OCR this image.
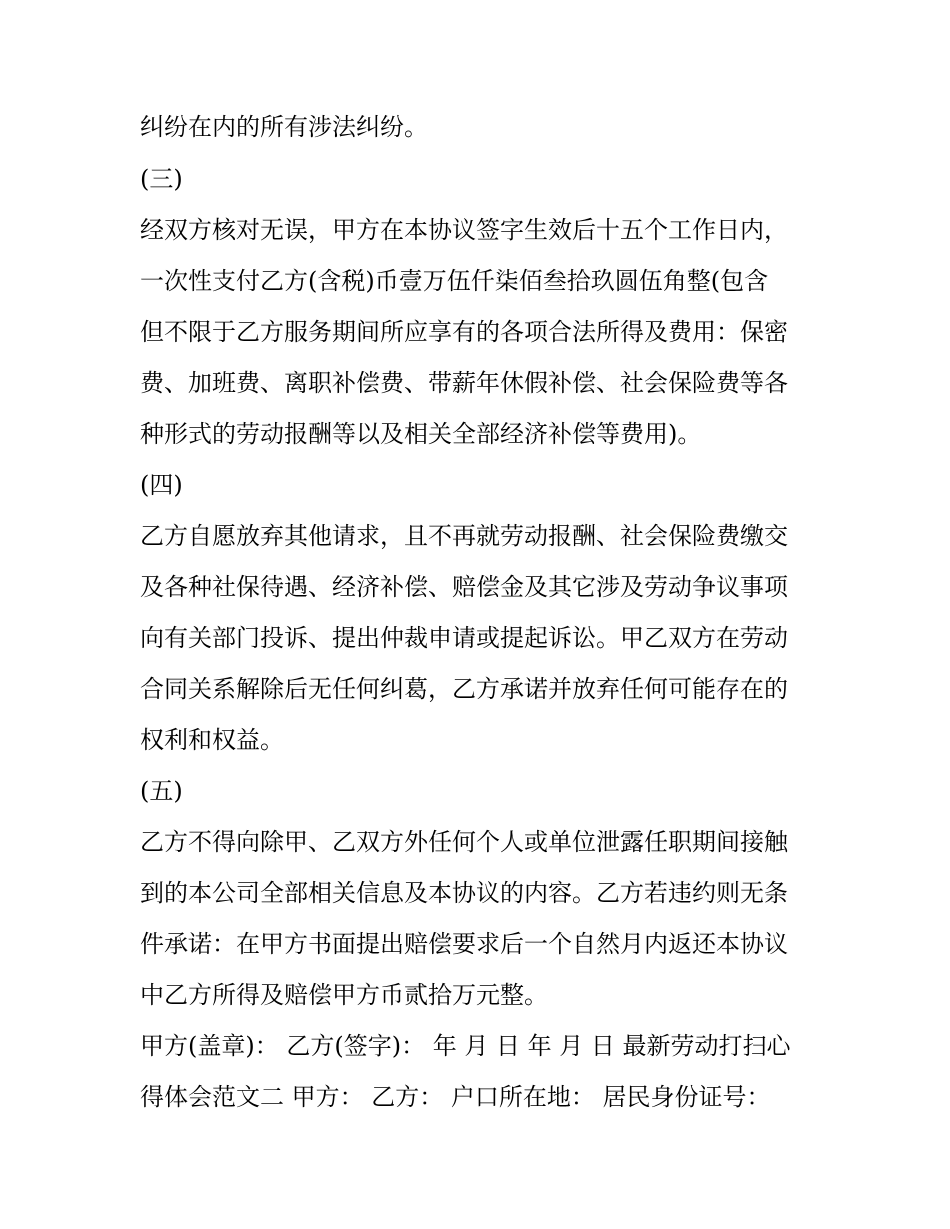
纠纷在内的所有涉法纠纷。
(三)
经双方核对无误，甲方在本协议签字生效后十五个工作日内，
一次性支付乙方(含税)币壹万伍仟柒佰叁拾玖圆伍角整(包含
但不限于乙方服务期间所应享有的各项合法所得及费用：保密
费、加班费、离职补偿费、带薪年休假补偿、社会保险费等各
种形式的劳动报酬等以及相关全部经济补偿等费用)。
(四)
乙方自愿放弃其他请求，且不再就劳动报酬、社会保险费缴交
及各种社保待遇、经济补偿、赔偿金及其它涉及劳动争议事项
向有关部门投诉、提出仲裁申请或提起诉讼。甲乙双方在劳动
合同关系解除后无任何纠葛，乙方承诺并放弃任何可能存在的
权利和权益。
(五)
乙方不得向除甲、乙双方外任何个人或单位泄露任职期间接触
到的本公司全部相关信息及本协议的内容。乙方若违约则无条
件承诺：在甲方书面提出赔偿要求后一个自然月内返还本协议
中乙方所得及赔偿甲方币贰拾万元整。
甲方(盖章)： 乙方(签字)： 年 月 日 年 月 日 最新劳动打扫心
得体会范文二 甲方： 乙方： 户口所在地： 居民身份证号：
